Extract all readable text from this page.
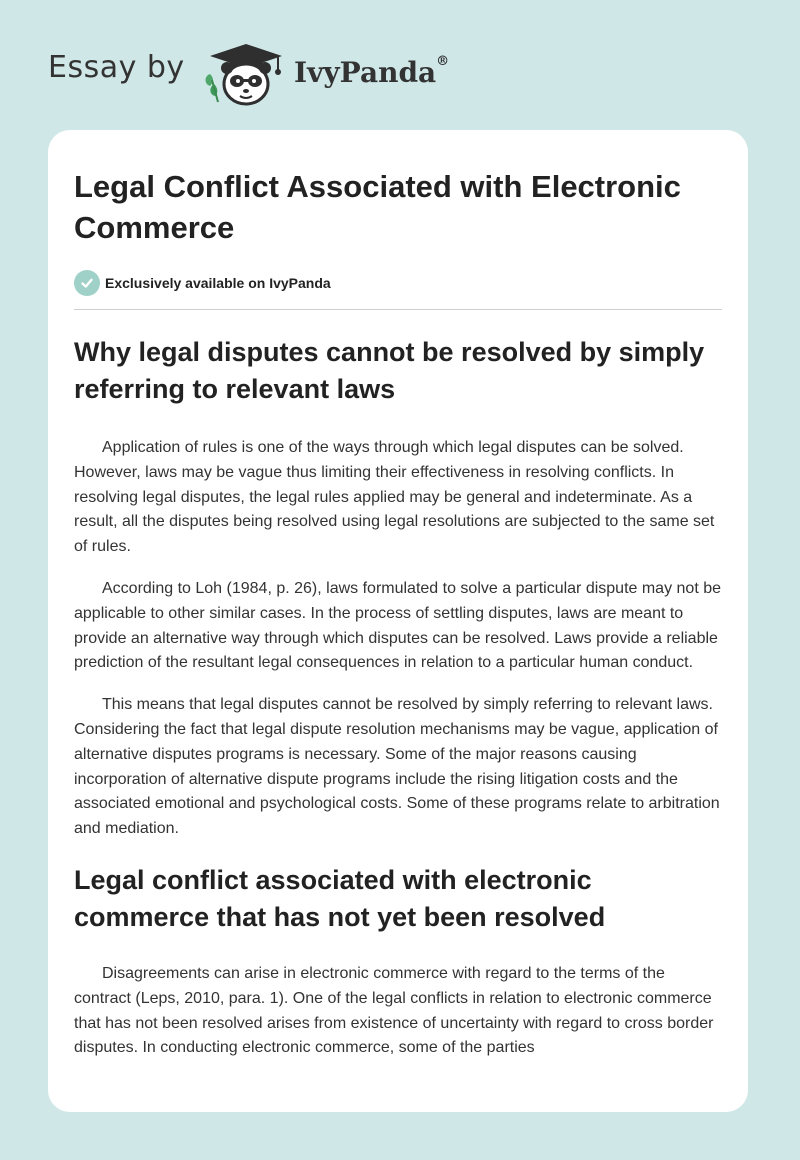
Essay by	IvyPanda®
Legal Conflict Associated with Electronic Commerce
Exclusively available on IvyPanda
Why legal disputes cannot be resolved by simply referring to relevant laws

Application of rules is one of the ways through which legal disputes can be solved. However, laws may be vague thus limiting their effectiveness in resolving conflicts. In resolving legal disputes, the legal rules applied may be general and indeterminate. As a result, all the disputes being resolved using legal resolutions are subjected to the same set of rules.

According to Loh (1984, p. 26), laws formulated to solve a particular dispute may not be applicable to other similar cases. In the process of settling disputes, laws are meant to provide an alternative way through which disputes can be resolved. Laws provide a reliable prediction of the resultant legal consequences in relation to a particular human conduct.

This means that legal disputes cannot be resolved by simply referring to relevant laws. Considering the fact that legal dispute resolution mechanisms may be vague, application of alternative disputes programs is necessary. Some of the major reasons causing incorporation of alternative dispute programs include the rising litigation costs and the associated emotional and psychological costs. Some of these programs relate to arbitration and mediation.

Legal conflict associated with electronic commerce that has not yet been resolved

Disagreements can arise in electronic commerce with regard to the terms of the contract (Leps, 2010, para. 1). One of the legal conflicts in relation to electronic commerce that has not been resolved arises from existence of uncertainty with regard to cross border disputes. In conducting electronic commerce, some of the parties
